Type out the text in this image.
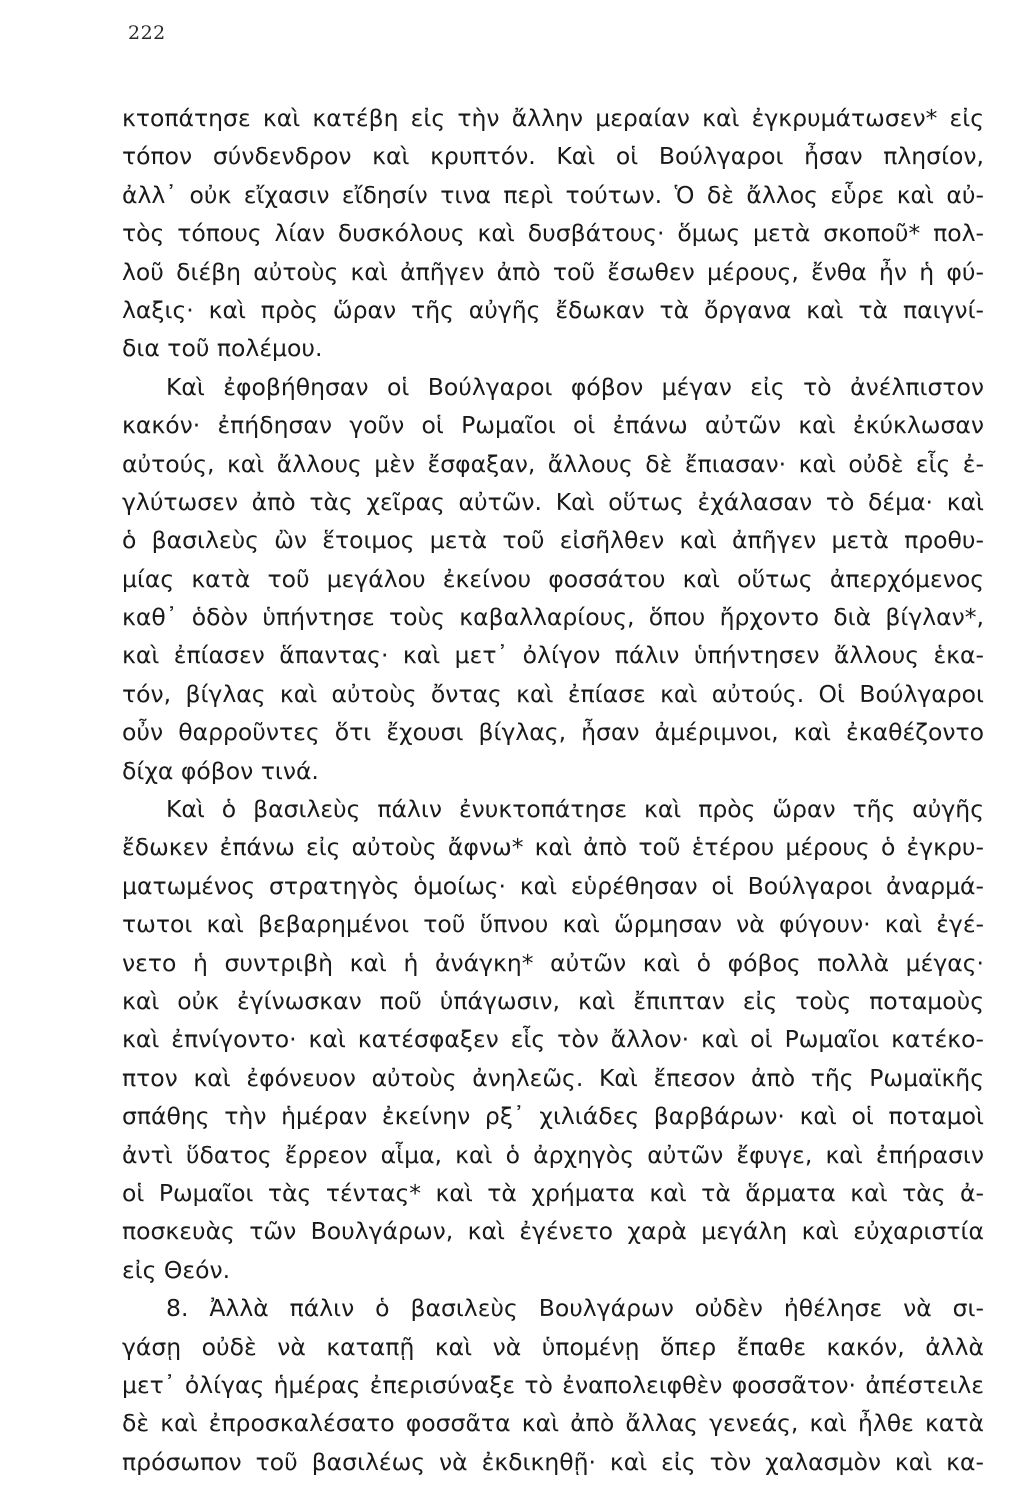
222
κτοπάτησε καὶ κατέβη εἰς τὴν ἄλλην μεραίαν καὶ ἐγκρυμάτωσεν* εἰς
τόπον σύνδενδρον καὶ κρυπτόν. Καὶ οἱ Βούλγαροι ἦσαν πλησίον,
ἀλλ᾽ οὐκ εἴχασιν εἴδησίν τινα περὶ τούτων. Ὁ δὲ ἄλλος εὗρε καὶ αὐ-
τὸς τόπους λίαν δυσκόλους καὶ δυσβάτους· ὅμως μετὰ σκοποῦ* πολ-
λοῦ διέβη αὐτοὺς καὶ ἀπῆγεν ἀπὸ τοῦ ἔσωθεν μέρους, ἔνθα ἦν ἡ φύ-
λαξις· καὶ πρὸς ὥραν τῆς αὐγῆς ἔδωκαν τὰ ὄργανα καὶ τὰ παιγνί-
δια τοῦ πολέμου.
Καὶ ἐφοβήθησαν οἱ Βούλγαροι φόβον μέγαν εἰς τὸ ἀνέλπιστον
κακόν· ἐπήδησαν γοῦν οἱ Ρωμαῖοι οἱ ἐπάνω αὐτῶν καὶ ἐκύκλωσαν
αὐτούς, καὶ ἄλλους μὲν ἔσφαξαν, ἄλλους δὲ ἔπιασαν· καὶ οὐδὲ εἷς ἐ-
γλύτωσεν ἀπὸ τὰς χεῖρας αὐτῶν. Καὶ οὕτως ἐχάλασαν τὸ δέμα· καὶ
ὁ βασιλεὺς ὢν ἕτοιμος μετὰ τοῦ εἰσῆλθεν καὶ ἀπῆγεν μετὰ προθυ-
μίας κατὰ τοῦ μεγάλου ἐκείνου φοσσάτου καὶ οὕτως ἀπερχόμενος
καθ᾽ ὁδὸν ὑπήντησε τοὺς καβαλλαρίους, ὅπου ἤρχοντο διὰ βίγλαν*,
καὶ ἐπίασεν ἅπαντας· καὶ μετ᾽ ὀλίγον πάλιν ὑπήντησεν ἄλλους ἑκα-
τόν, βίγλας καὶ αὐτοὺς ὄντας καὶ ἐπίασε καὶ αὐτούς. Οἱ Βούλγαροι
οὖν θαρροῦντες ὅτι ἔχουσι βίγλας, ἦσαν ἀμέριμνοι, καὶ ἐκαθέζοντο
δίχα φόβον τινά.
Καὶ ὁ βασιλεὺς πάλιν ἐνυκτοπάτησε καὶ πρὸς ὥραν τῆς αὐγῆς
ἔδωκεν ἐπάνω εἰς αὐτοὺς ἄφνω* καὶ ἀπὸ τοῦ ἑτέρου μέρους ὁ ἐγκρυ-
ματωμένος στρατηγὸς ὁμοίως· καὶ εὑρέθησαν οἱ Βούλγαροι ἀναρμά-
τωτοι καὶ βεβαρημένοι τοῦ ὕπνου καὶ ὥρμησαν νὰ φύγουν· καὶ ἐγέ-
νετο ἡ συντριβὴ καὶ ἡ ἀνάγκη* αὐτῶν καὶ ὁ φόβος πολλὰ μέγας·
καὶ οὐκ ἐγίνωσκαν ποῦ ὑπάγωσιν, καὶ ἔπιπταν εἰς τοὺς ποταμοὺς
καὶ ἐπνίγοντο· καὶ κατέσφαξεν εἷς τὸν ἄλλον· καὶ οἱ Ρωμαῖοι κατέκο-
πτον καὶ ἐφόνευον αὐτοὺς ἀνηλεῶς. Καὶ ἔπεσον ἀπὸ τῆς Ρωμαϊκῆς
σπάθης τὴν ἡμέραν ἐκείνην ρξ᾽ χιλιάδες βαρβάρων· καὶ οἱ ποταμοὶ
ἀντὶ ὕδατος ἔρρεον αἷμα, καὶ ὁ ἀρχηγὸς αὐτῶν ἔφυγε, καὶ ἐπήρασιν
οἱ Ρωμαῖοι τὰς τέντας* καὶ τὰ χρήματα καὶ τὰ ἅρματα καὶ τὰς ἀ-
ποσκευὰς τῶν Βουλγάρων, καὶ ἐγένετο χαρὰ μεγάλη καὶ εὐχαριστία
εἰς Θεόν.
8. Ἀλλὰ πάλιν ὁ βασιλεὺς Βουλγάρων οὐδὲν ἠθέλησε νὰ σι-
γάσῃ οὐδὲ νὰ καταπῇ καὶ νὰ ὑπομένῃ ὅπερ ἔπαθε κακόν, ἀλλὰ
μετ᾽ ὀλίγας ἡμέρας ἐπερισύναξε τὸ ἐναπολειφθὲν φοσσᾶτον· ἀπέστειλε
δὲ καὶ ἐπροσκαλέσατο φοσσᾶτα καὶ ἀπὸ ἄλλας γενεάς, καὶ ἦλθε κατὰ
πρόσωπον τοῦ βασιλέως νὰ ἐκδικηθῇ· καὶ εἰς τὸν χαλασμὸν καὶ κα-
